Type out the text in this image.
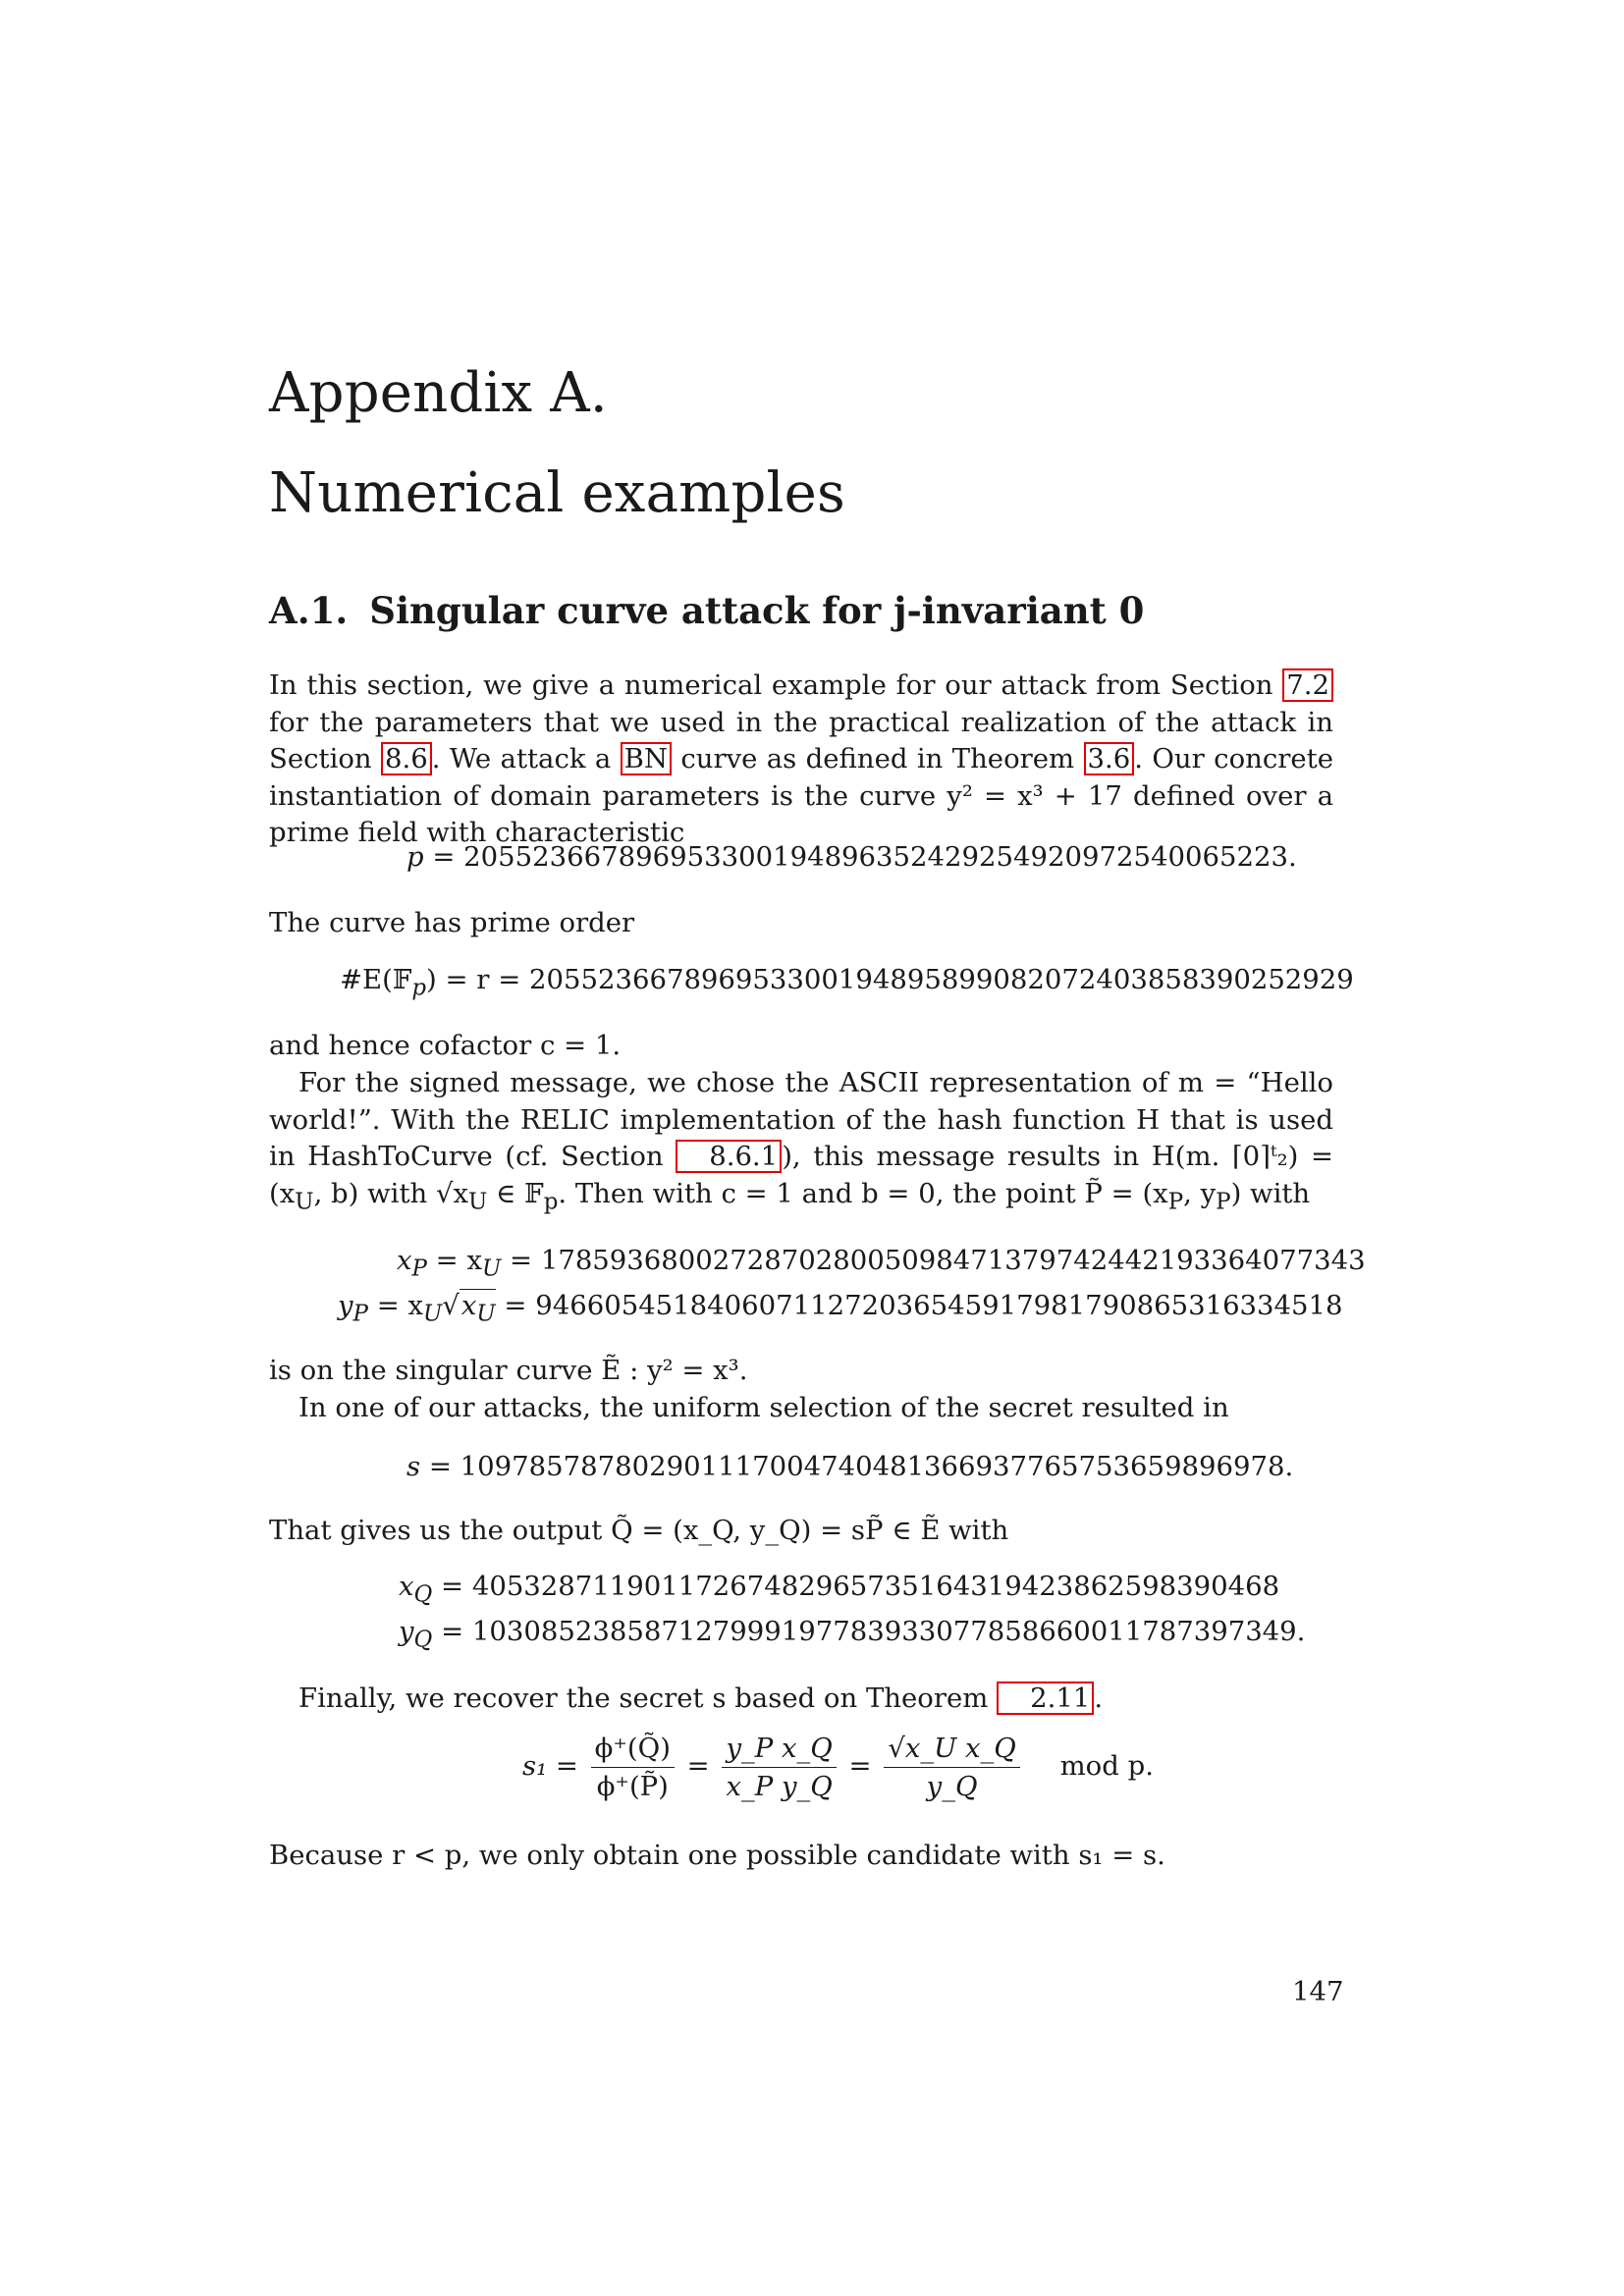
Appendix A.
Numerical examples
A.1. Singular curve attack for j-invariant 0

In this section, we give a numerical example for our attack from Section 7.2 for the parameters that we used in the practical realization of the attack in Section 8.6 . We attack a BN curve as defined in Theorem 3.6 . Our concrete instantiation of domain parameters is the curve y² = x³ + 17 defined over a prime field with characteristic

p = 2055236678969533001948963524292549209725400652​23.

The curve has prime order

#E(𝔽$_p$) = r = 2055236678969533001948958990820724038583902529​29

and hence cofactor c = 1.

For the signed message, we chose the ASCII representation of m = “Hello world!”. With the RELIC implementation of the hash function H that is used in HashToCurve (cf. Section 8.6.1 ), this message results in H(m. ⌈0⌉ᵗ₂) = ($x_U$, b) with $√x_U$ ∈ 𝔽$_p$. Then with c = 1 and b = 0, the point P̃ = ($x_P$, $y_P$) with

$x_P = x_U$ = 1785936800272870280050984713797424421933640773​43
$y_P = x_U√x_U$ = 9466054518406071127203654591798179086531633451​8

is on the singular curve Ẽ : y² = x³.

In one of our attacks, the uniform selection of the secret resulted in

s = 1097857878029011170047404813669377657536598969​78.

That gives us the output Q̃ = (x_Q, y_Q) = sP̃ ∈ Ẽ with

$x_Q$ = 4053287119011726748296573516431942386259839046​8
$y_Q$ = 1030852385871279991977839330778586600117873973​49.

Finally, we recover the secret s based on Theorem 2.11 .

$s_1 = \frac{\phi^+(Q̃)}{\phi^+(P̃)} = \frac{\text{y\_P x\_Q}}{\text{x\_P y\_Q}} = \frac{\text{√x\_U x\_Q}}{y\_Q}$ mod p.

Because r < p, we only obtain one possible candidate with s₁ = s.

147
